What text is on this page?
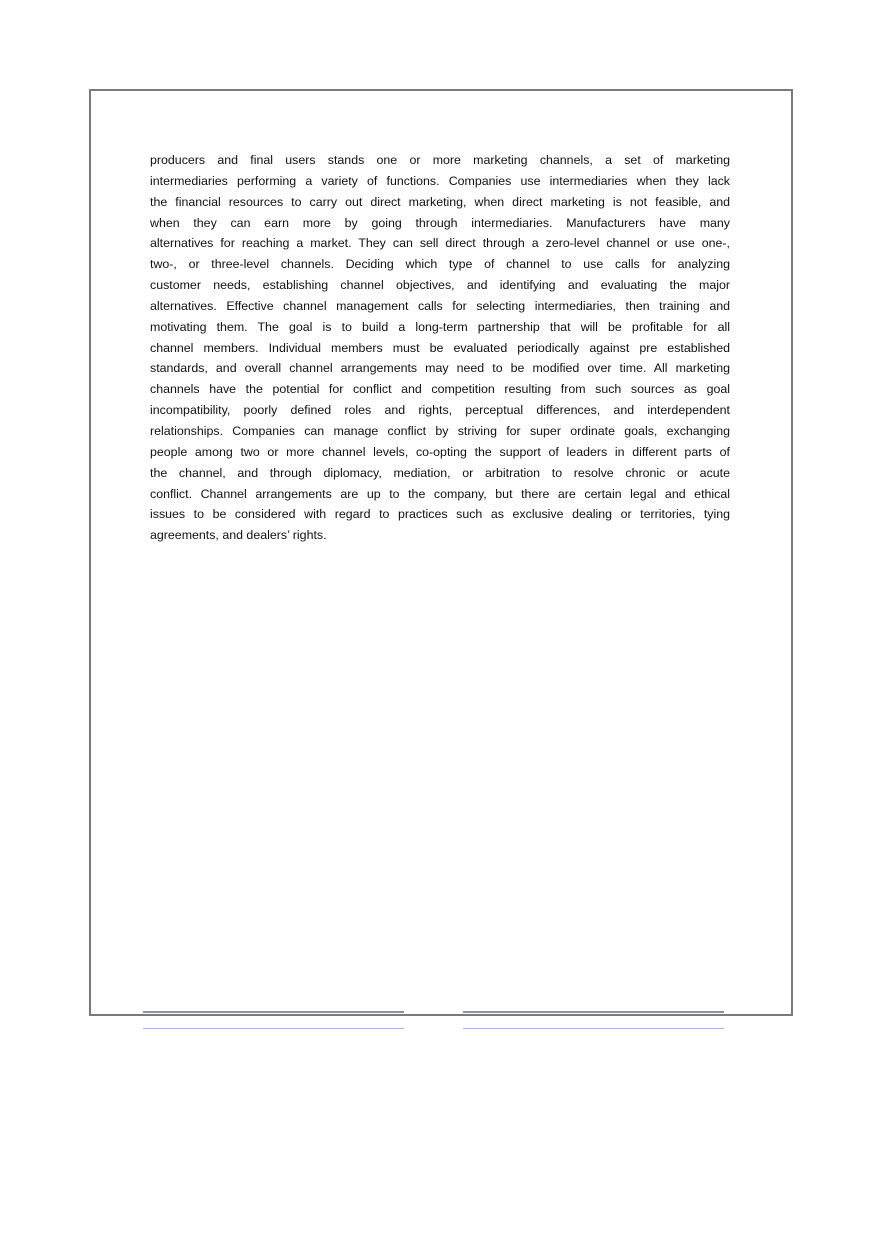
producers and final users stands one or more marketing channels, a set of marketing
intermediaries performing a variety of functions. Companies use intermediaries when they lack
the financial resources to carry out direct marketing, when direct marketing is not feasible, and
when they can earn more by going through intermediaries. Manufacturers have many
alternatives for reaching a market. They can sell direct through a zero-level channel or use one-,
two-, or three-level channels. Deciding which type of channel to use calls for analyzing
customer needs, establishing channel objectives, and identifying and evaluating the major
alternatives. Effective channel management calls for selecting intermediaries, then training and
motivating them. The goal is to build a long-term partnership that will be profitable for all
channel members. Individual members must be evaluated periodically against pre established
standards, and overall channel arrangements may need to be modified over time. All marketing
channels have the potential for conflict and competition resulting from such sources as goal
incompatibility, poorly defined roles and rights, perceptual differences, and interdependent
relationships. Companies can manage conflict by striving for super ordinate goals, exchanging
people among two or more channel levels, co-opting the support of leaders in different parts of
the channel, and through diplomacy, mediation, or arbitration to resolve chronic or acute
conflict. Channel arrangements are up to the company, but there are certain legal and ethical
issues to be considered with regard to practices such as exclusive dealing or territories, tying
agreements, and dealers’ rights.
